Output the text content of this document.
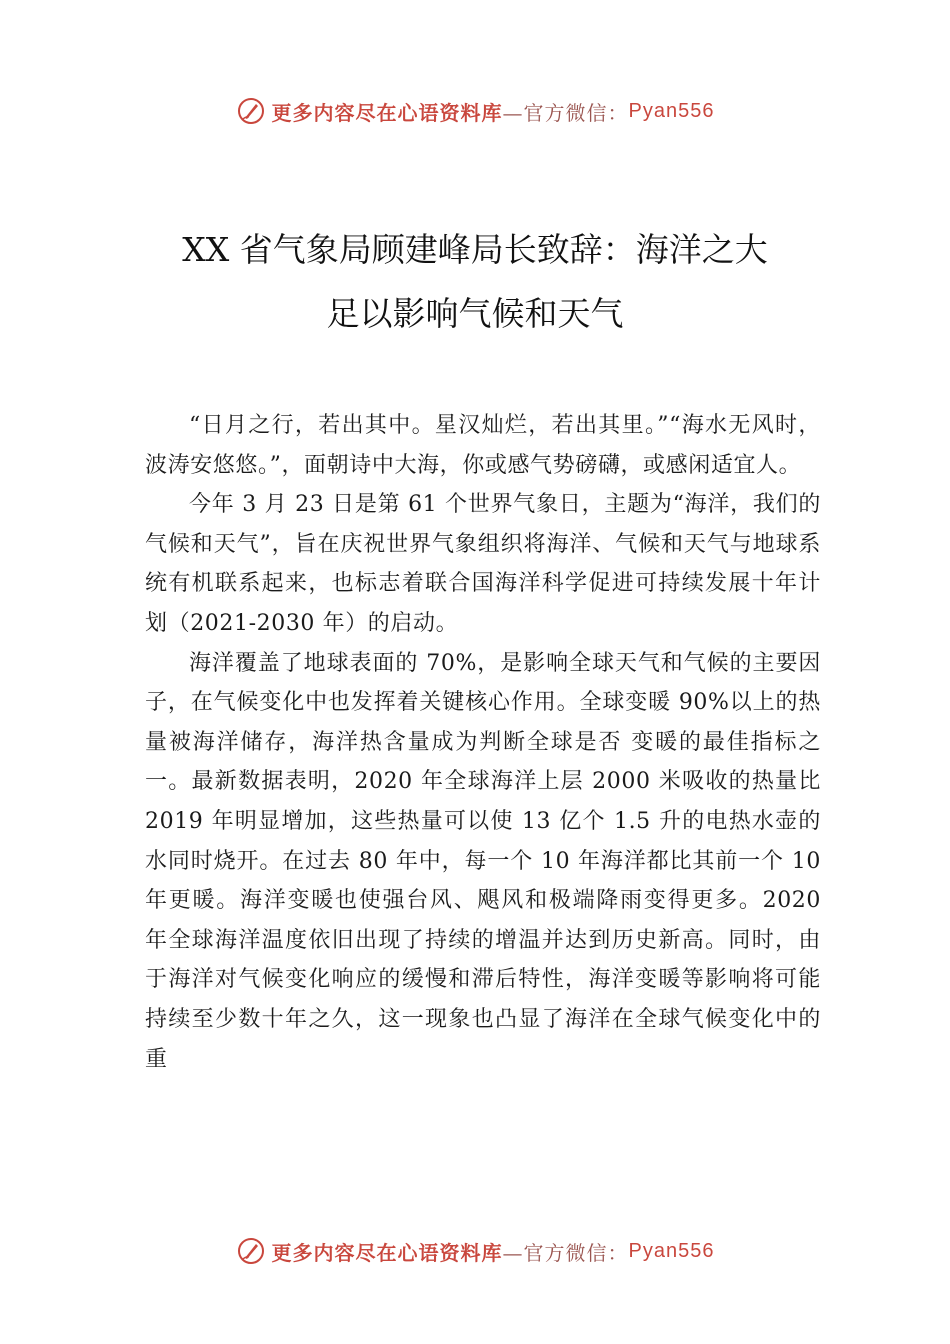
更多内容尽在心语资料库 —官方微信： Pyan556
XX 省气象局顾建峰局长致辞：海洋之大
足以影响气候和天气

“日月之行，若出其中。星汉灿烂，若出其里。”“海水无风时，波涛安悠悠。”，面朝诗中大海，你或感气势磅礴，或感闲适宜人。

今年 3 月 23 日是第 61 个世界气象日，主题为“海洋，我们的气候和天气”，旨在庆祝世界气象组织将海洋、气候和天气与地球系统有机联系起来，也标志着联合国海洋科学促进可持续发展十年计划（2021-2030 年）的启动。

海洋覆盖了地球表面的 70%，是影响全球天气和气候的主要因子，在气候变化中也发挥着关键核心作用。全球变暖 90%以上的热量被海洋储存，海洋热含量成为判断全球是否 变暖的最佳指标之一。最新数据表明，2020 年全球海洋上层 2000 米吸收的热量比 2019 年明显增加，这些热量可以使 13 亿个 1.5 升的电热水壶的水同时烧开。在过去 80 年中，每一个 10 年海洋都比其前一个 10 年更暖。海洋变暖也使强台风、飓风和极端降雨变得更多。2020 年全球海洋温度依旧出现了持续的增温并达到历史新高。同时，由于海洋对气候变化响应的缓慢和滞后特性，海洋变暖等影响将可能持续至少数十年之久，这一现象也凸显了海洋在全球气候变化中的重

更多内容尽在心语资料库 —官方微信： Pyan556
